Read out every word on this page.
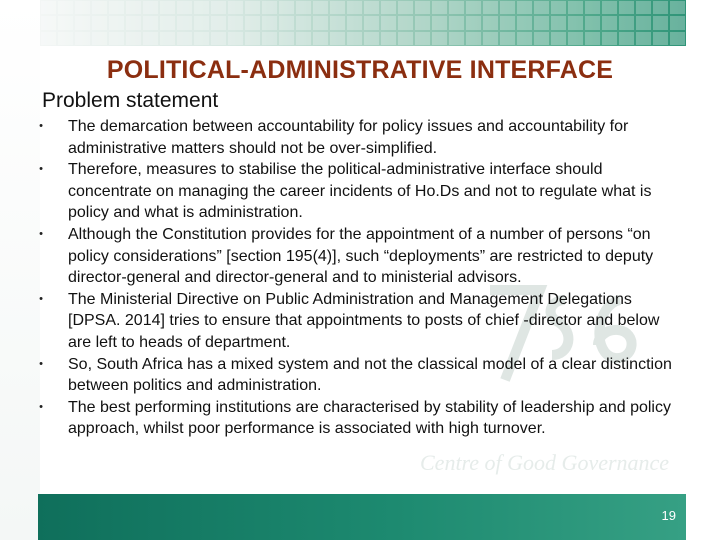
Centre of Good Governance
POLITICAL-ADMINISTRATIVE INTERFACE
Problem statement
•	The demarcation between accountability for policy issues and accountability for administrative matters should not be over-simplified.
•	Therefore, measures to stabilise the political-administrative interface should concentrate on managing the career incidents of Ho.Ds and not to regulate what is policy and what is administration.
•	Although the Constitution provides for the appointment of a number of persons “on policy considerations” [section 195(4)], such “deployments” are restricted to deputy director-general and director-general and to ministerial advisors.
•	The Ministerial Directive on Public Administration and Management Delegations [DPSA. 2014] tries to ensure that appointments to posts of chief -director and below are left to heads of department.
•	So, South Africa has a mixed system and not the classical model of a clear distinction between politics and administration.
•	The best performing institutions are characterised by stability of leadership and policy approach, whilst poor performance is associated with high turnover.
19
